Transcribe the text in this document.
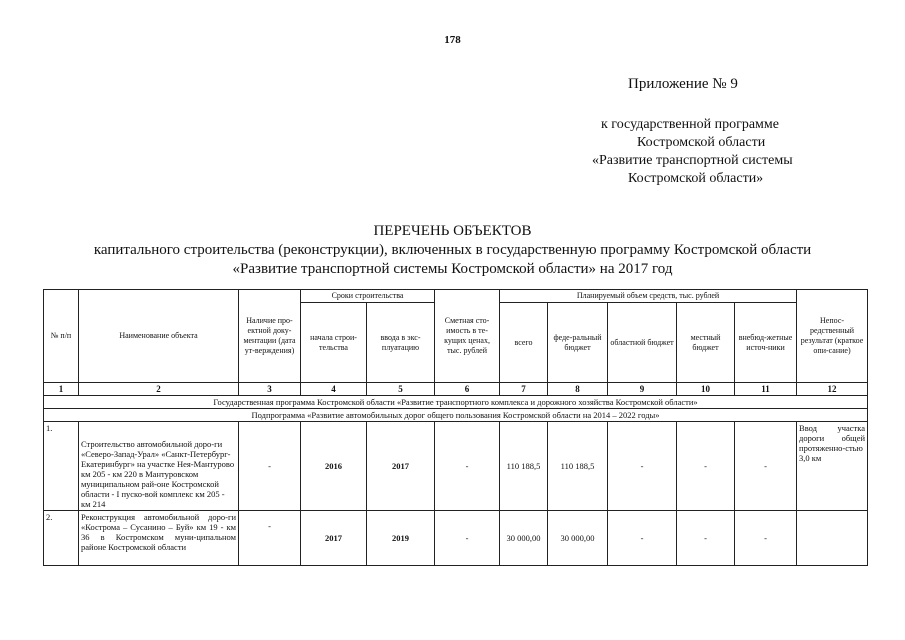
178
Приложение № 9
к государственной программе
Костромской области
«Развитие транспортной системы
Костромской области»
ПЕРЕЧЕНЬ ОБЪЕКТОВ
капитального строительства (реконструкции), включенных в государственную программу Костромской области
«Развитие транспортной системы Костромской области» на 2017 год
№ п/п	Наименование объекта	Наличие про-ектной доку-ментации (дата ут-верждения)	Сроки строительства		Сметная сто-имость в те-кущих ценах, тыс. рублей	Планируемый объем средств, тыс. рублей					Непос-редственный результат (краткое опи-сание)
			начала строи-тельства	ввода в экс-плуатацию		всего	феде-ральный бюджет	областной бюджет	местный бюджет	внебюд-жетные источ-ники	
1	2	3	4	5	6	7	8	9	10	11	12
Государственная программа Костромской области «Развитие транспортного комплекса и дорожного хозяйства Костромской области»											
Подпрограмма «Развитие автомобильных дорог общего пользования Костромской области на 2014 – 2022 годы»											
1.	Строительство автомобильной доро-ги «Северо-Запад-Урал» «Санкт-Петербург-Екатеринбург» на участке Нея-Мантурово км 205 - км 220 в Мантуровском муниципальном рай-оне Костромской области - I пуско-вой комплекс км 205 - км 214	-	2016	2017	-	110 188,5	110 188,5	-	-	-	Ввод участка дороги общей протяженно-стью 3,0 км
2.	Реконструкция автомобильной доро-ги «Кострома – Сусанино – Буй» км 19 - км 36 в Костромском муни-ципальном районе Костромской области	-	2017	2019	-	30 000,00	30 000,00	-	-	-	
